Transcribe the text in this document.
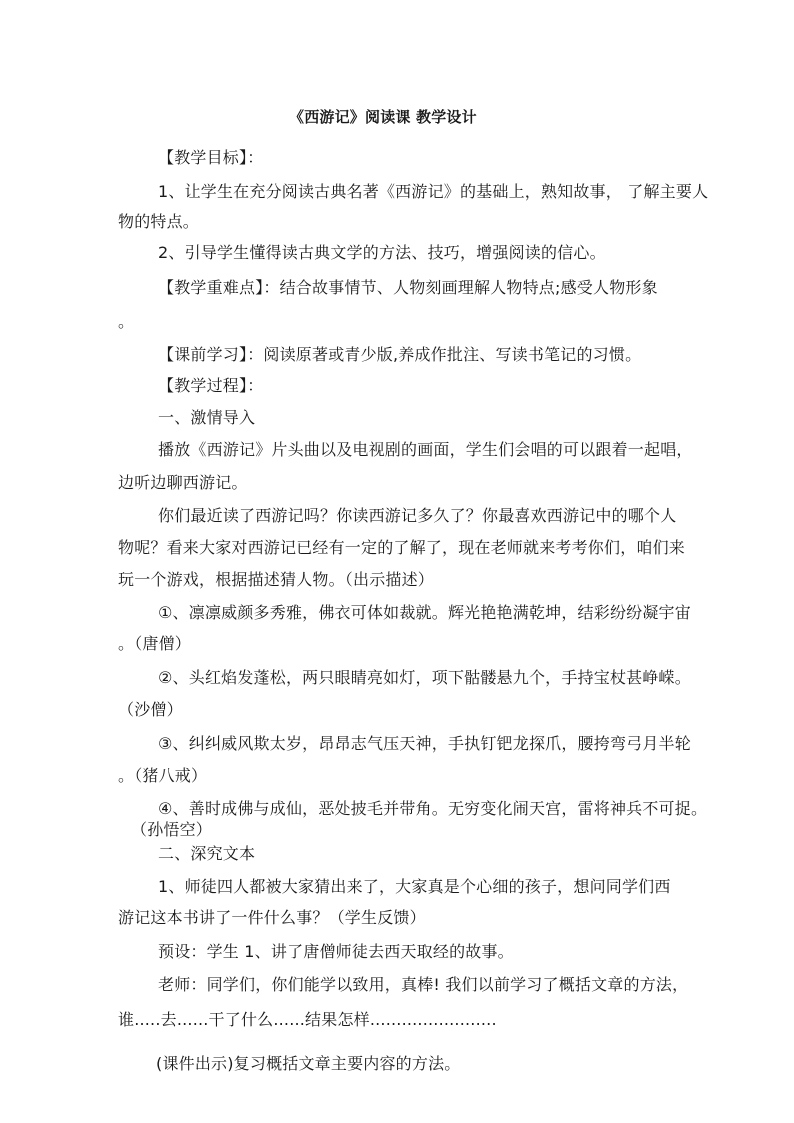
《西游记》阅读课 教学设计
【教学目标】：
1、让学生在充分阅读古典名著《西游记》的基础上，熟知故事， 了解主要人
物的特点。
2、引导学生懂得读古典文学的方法、技巧，增强阅读的信心。
【教学重难点】：结合故事情节、人物刻画理解人物特点;感受人物形象
。
【课前学习】：阅读原著或青少版,养成作批注、写读书笔记的习惯。
【教学过程】：
一、激情导入
播放《西游记》片头曲以及电视剧的画面，学生们会唱的可以跟着一起唱，
边听边聊西游记。
你们最近读了西游记吗？你读西游记多久了？你最喜欢西游记中的哪个人
物呢？看来大家对西游记已经有一定的了解了，现在老师就来考考你们，咱们来
玩一个游戏，根据描述猜人物。（出示描述）
①、凛凛威颜多秀雅，佛衣可体如裁就。辉光艳艳满乾坤，结彩纷纷凝宇宙
。（唐僧）
②、头红焰发蓬松，两只眼睛亮如灯，项下骷髅悬九个，手持宝杖甚峥嵘。
（沙僧）
③、纠纠威风欺太岁，昂昂志气压天神，手执钉钯龙探爪，腰挎弯弓月半轮
。（猪八戒）
④、善时成佛与成仙，恶处披毛并带角。无穷变化闹天宫，雷将神兵不可捉。
（孙悟空）
二、深究文本
1、师徒四人都被大家猜出来了，大家真是个心细的孩子，想问同学们西
游记这本书讲了一件什么事？（学生反馈）
预设：学生 1、讲了唐僧师徒去西天取经的故事。
老师：同学们，你们能学以致用，真棒! 我们以前学习了概括文章的方法，
谁.....去......干了什么......结果怎样........................
(课件出示)复习概括文章主要内容的方法。
